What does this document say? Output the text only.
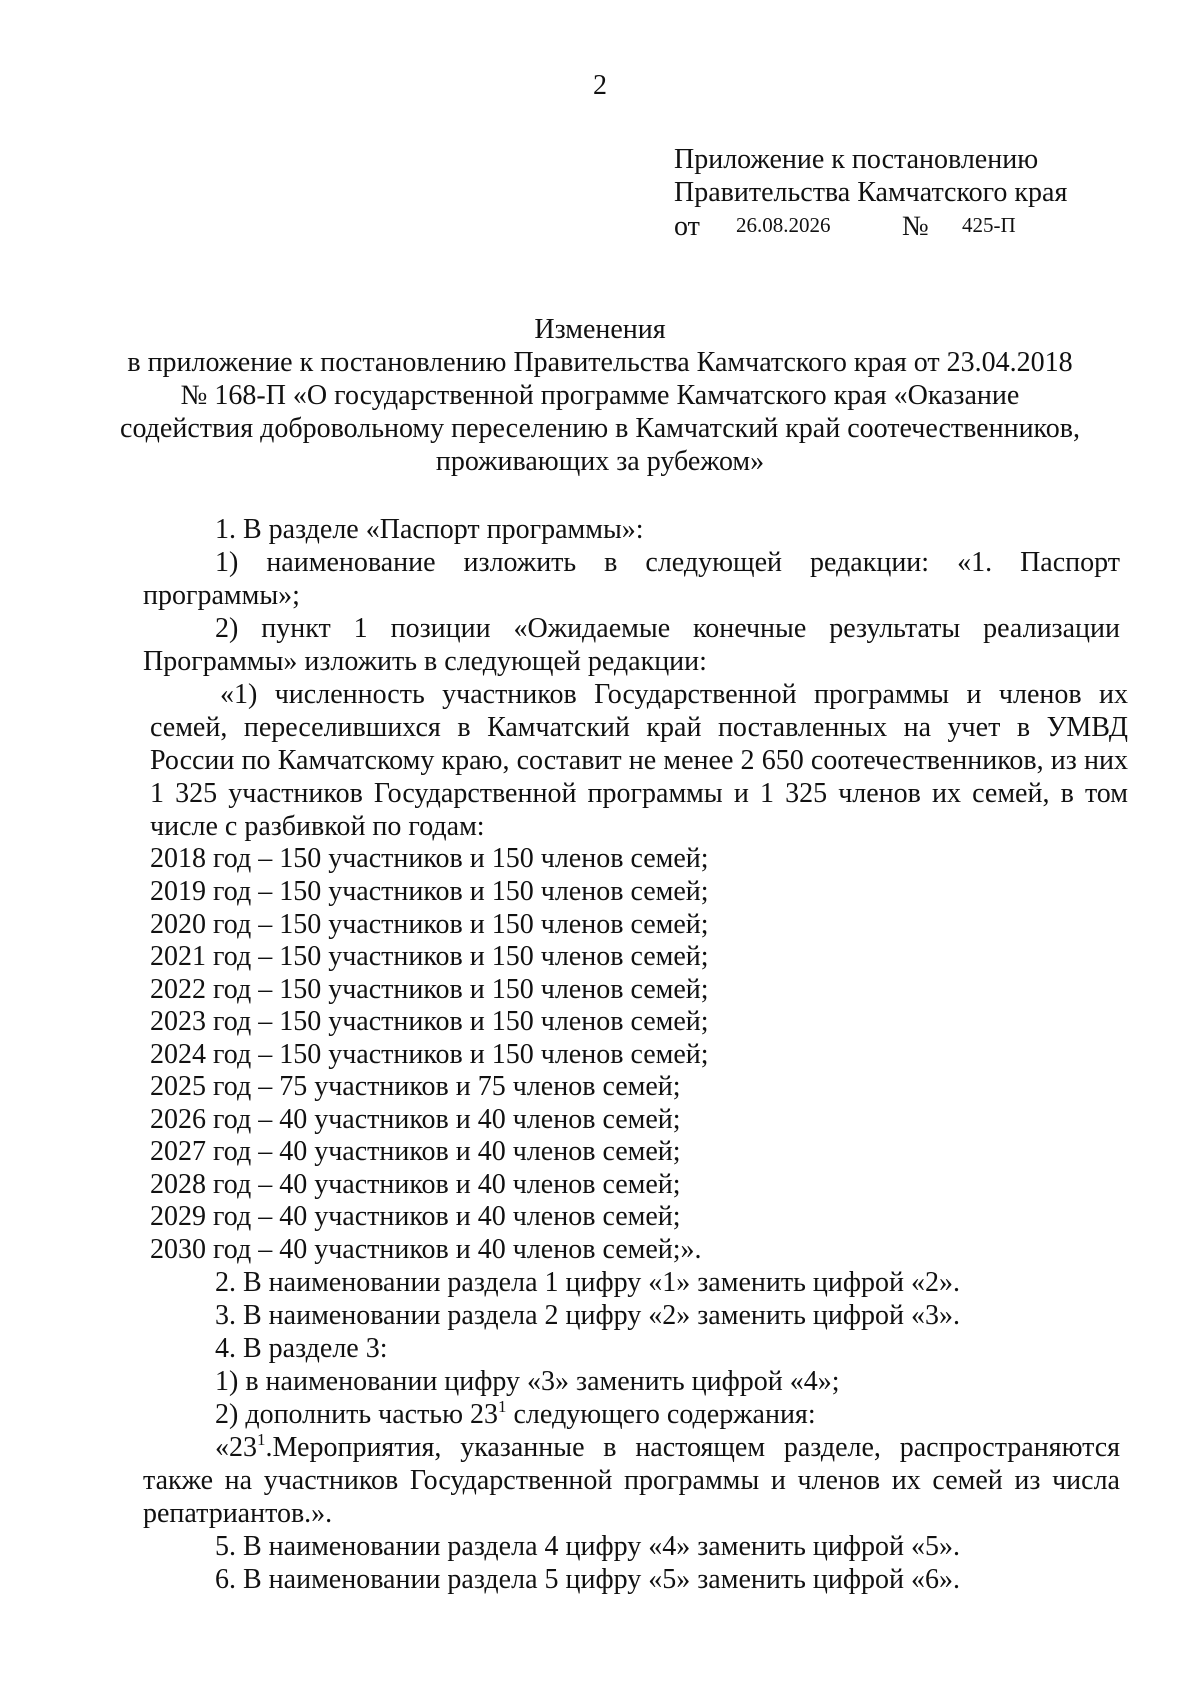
2
Приложение к постановлению
Правительства Камчатского края
от 26.08.2026	№ 425-П
Изменения
в приложение к постановлению Правительства Камчатского края от 23.04.2018
№ 168-П «О государственной программе Камчатского края «Оказание
содействия добровольному переселению в Камчатский край соотечественников,
проживающих за рубежом»
1. В разделе «Паспорт программы»:
1) наименование изложить в следующей редакции: «1. Паспорт
программы»;
2) пункт 1 позиции «Ожидаемые конечные результаты реализации
Программы» изложить в следующей редакции:
«1) численность участников Государственной программы и членов их
семей, переселившихся в Камчатский край поставленных на учет в УМВД
России по Камчатскому краю, составит не менее 2 650 соотечественников, из них
1 325 участников Государственной программы и 1 325 членов их семей, в том
числе с разбивкой по годам:
2018 год – 150 участников и 150 членов семей;
2019 год – 150 участников и 150 членов семей;
2020 год – 150 участников и 150 членов семей;
2021 год – 150 участников и 150 членов семей;
2022 год – 150 участников и 150 членов семей;
2023 год – 150 участников и 150 членов семей;
2024 год – 150 участников и 150 членов семей;
2025 год – 75 участников и 75 членов семей;
2026 год – 40 участников и 40 членов семей;
2027 год – 40 участников и 40 членов семей;
2028 год – 40 участников и 40 членов семей;
2029 год – 40 участников и 40 членов семей;
2030 год – 40 участников и 40 членов семей;».
2. В наименовании раздела 1 цифру «1» заменить цифрой «2».
3. В наименовании раздела 2 цифру «2» заменить цифрой «3».
4. В разделе 3:
1) в наименовании цифру «3» заменить цифрой «4»;
2) дополнить частью $23^1$ следующего содержания:
«$23^1.Мероприятия$, указанные в настоящем разделе, распространяются
также на участников Государственной программы и членов их семей из числа
репатриантов.».
5. В наименовании раздела 4 цифру «4» заменить цифрой «5».
6. В наименовании раздела 5 цифру «5» заменить цифрой «6».
